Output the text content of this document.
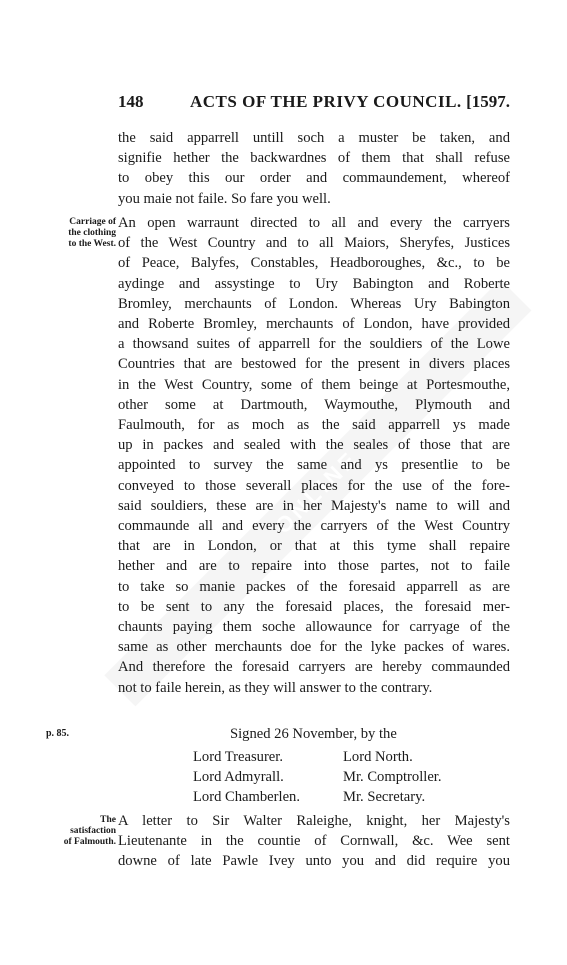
ONLINE
148	ACTS OF THE PRIVY COUNCIL. [1597.
the said apparrell untill soch a muster be taken, and
signifie hether the backwardnes of them that shall refuse
to obey this our order and commaundement, whereof
you maie not faile. So fare you well.
Carriage of
the clothing
to the West.
An open warraunt directed to all and every the carryers
of the West Country and to all Maiors, Sheryfes, Justices
of Peace, Balyfes, Constables, Headboroughes, &c., to be
aydinge and assystinge to Ury Babington and Roberte
Bromley, merchaunts of London. Whereas Ury Babington
and Roberte Bromley, merchaunts of London, have provided
a thowsand suites of apparrell for the souldiers of the Lowe
Countries that are bestowed for the present in divers places
in the West Country, some of them beinge at Portesmouthe,
other some at Dartmouth, Waymouthe, Plymouth and
Faulmouth, for as moch as the said apparrell ys made
up in packes and sealed with the seales of those that are
appointed to survey the same and ys presentlie to be
conveyed to those severall places for the use of the fore-
said souldiers, these are in her Majesty's name to will and
commaunde all and every the carryers of the West Country
that are in London, or that at this tyme shall repaire
hether and are to repaire into those partes, not to faile
to take so manie packes of the foresaid apparrell as are
to be sent to any the foresaid places, the foresaid mer-
chaunts paying them soche allowaunce for carryage of the
same as other merchaunts doe for the lyke packes of wares.
And therefore the foresaid carryers are hereby commaunded
not to faile herein, as they will answer to the contrary.
p. 85.	Signed 26 November, by the
Lord Treasurer.	Lord North.
Lord Admyrall.	Mr. Comptroller.
Lord Chamberlen.	Mr. Secretary.
The
satisfaction
of Falmouth.
A letter to Sir Walter Raleighe, knight, her Majesty's
Lieutenante in the countie of Cornwall, &c. Wee sent
downe of late Pawle Ivey unto you and did require you
